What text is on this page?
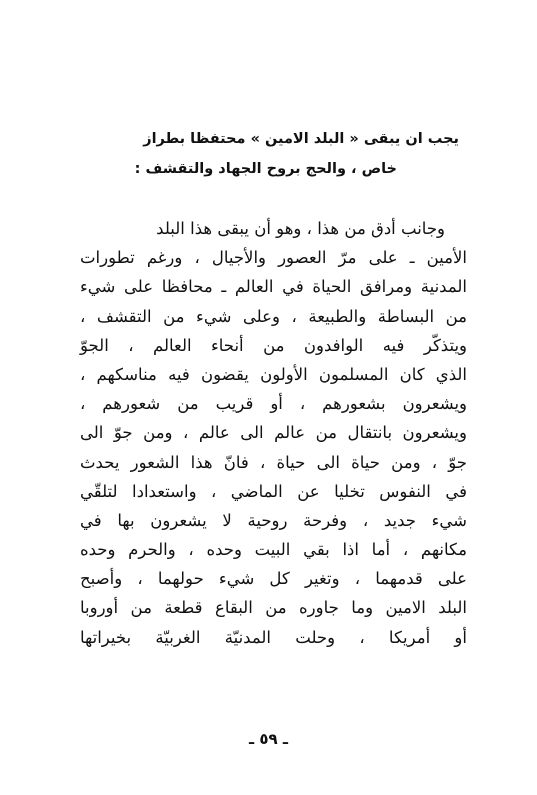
يجب ان يبقى « البلد الامين » محتفظا بطراز
خاص ، والحج بروح الجهاد والتقشف :
وجانب أدق من هذا ، وهو أن يبقى هذا البلد
الأمين ـ على مرّ العصور والأجيال ، ورغم تطورات
المدنية ومرافق الحياة في العالم ـ محافظا على شيء
من البساطة والطبيعة ، وعلى شيء من التقشف ،
ويتذكّر فيه الوافدون من أنحاء العالم ، الجوّ
الذي كان المسلمون الأولون يقضون فيه مناسكهم ،
ويشعرون بشعورهم ، أو قريب من شعورهم ،
ويشعرون بانتقال من عالم الى عالم ، ومن جوّ الى
جوّ ، ومن حياة الى حياة ، فانّ هذا الشعور يحدث
في النفوس تخليا عن الماضي ، واستعدادا لتلقّي
شيء جديد ، وفرحة روحية لا يشعرون بها في
مكانهم ، أما اذا بقي البيت وحده ، والحرم وحده
على قدمهما ، وتغير كل شيء حولهما ، وأصبح
البلد الامين وما جاوره من البقاع قطعة من أوروبا
أو أمريكا ، وحلت المدنيّة الغربيّة بخيراتها
ـ ٥٩ ـ
